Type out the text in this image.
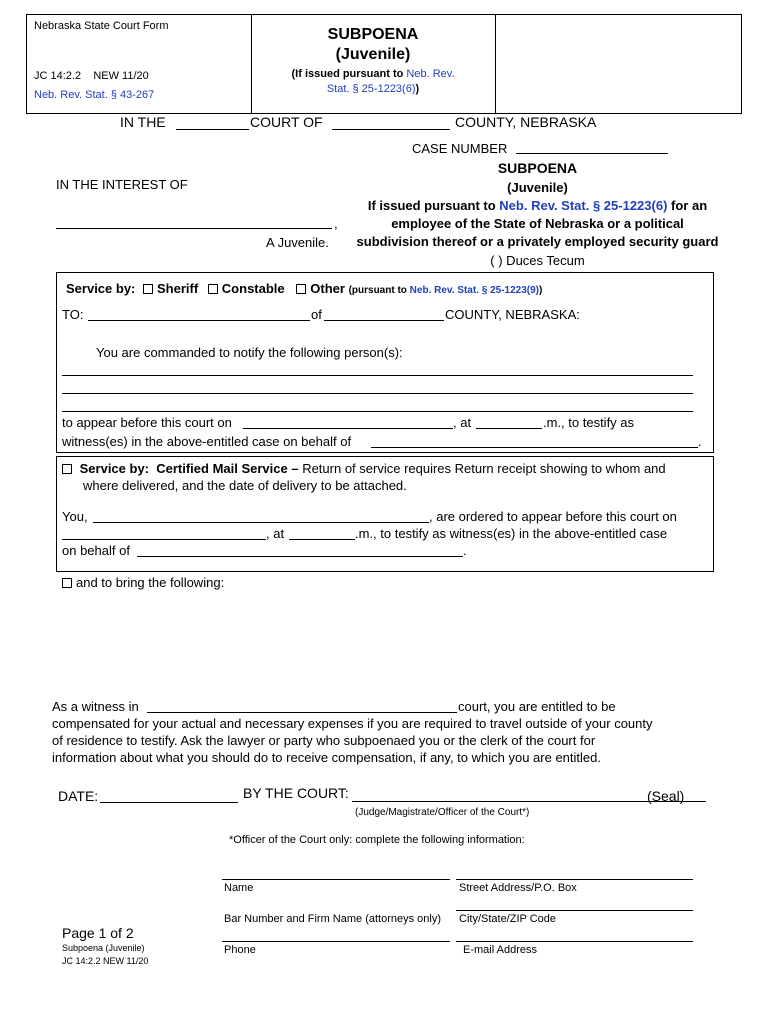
Nebraska State Court Form
JC 14:2.2 NEW 11/20
Neb. Rev. Stat. § 43-267
SUBPOENA
(Juvenile)
(If issued pursuant to Neb. Rev.
Stat. § 25-1223(6))
IN THE	COURT OF	COUNTY, NEBRASKA
CASE NUMBER
IN THE INTEREST OF
,
A Juvenile.
SUBPOENA
(Juvenile)
If issued pursuant to Neb. Rev. Stat. § 25-1223(6) for an
employee of the State of Nebraska or a political
subdivision thereof or a privately employed security guard
( ) Duces Tecum
Service by: Sheriff Constable Other (pursuant to Neb. Rev. Stat. § 25-1223(9))
TO:	of	COUNTY, NEBRASKA:
You are commanded to notify the following person(s):
to appear before this court on	, at	.m., to testify as
witness(es) in the above-entitled case on behalf of	.
Service by: Certified Mail Service – Return of service requires Return receipt showing to whom and
where delivered, and the date of delivery to be attached.
You,	, are ordered to appear before this court on
, at	.m., to testify as witness(es) in the above-entitled case
on behalf of	.
and to bring the following:
As a witness in	court, you are entitled to be
compensated for your actual and necessary expenses if you are required to travel outside of your county
of residence to testify. Ask the lawyer or party who subpoenaed you or the clerk of the court for
information about what you should do to receive compensation, if any, to which you are entitled.
DATE:	BY THE COURT:	(Seal)
(Judge/Magistrate/Officer of the Court*)
*Officer of the Court only: complete the following information:
Name	Street Address/P.O. Box
Bar Number and Firm Name (attorneys only) City/State/ZIP Code
Phone	E-mail Address
Page 1 of 2
Subpoena (Juvenile)
JC 14:2.2 NEW 11/20
